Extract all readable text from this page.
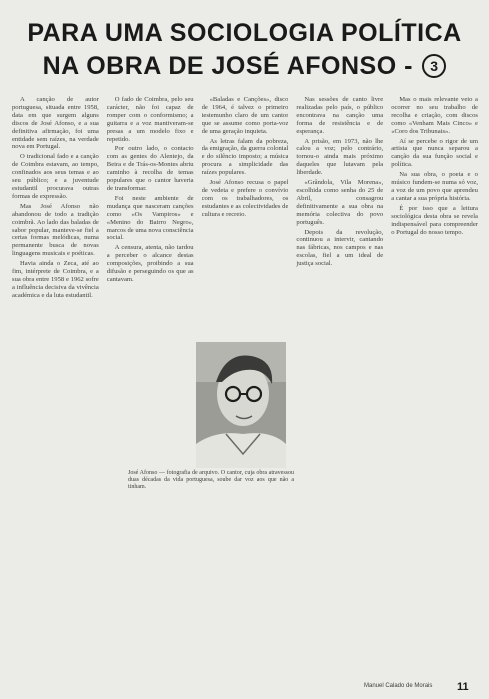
PARA UMA SOCIOLOGIA POLÍTICA
NA OBRA DE JOSÉ AFONSO - 3

A canção de autor portuguesa, situada entre 1958, data em que surgem alguns discos de José Afonso, e a sua definitiva afirmação, foi uma entidade sem raízes, na verdade nova em Portugal.

O tradicional fado e a canção de Coimbra estavam, ao tempo, confinados aos seus temas e ao seu público; e a juventude estudantil procurava outras formas de expressão.

Mas José Afonso não abandonou de todo a tradição coimbrã. Ao lado das baladas de sabor popular, manteve-se fiel a certas formas melódicas, numa permanente busca de novas linguagens musicais e poéticas.

Havia ainda o Zeca, até ao fim, intérprete de Coimbra, e a sua obra entre 1958 e 1962 sofre a influência decisiva da vivência académica e da luta estudantil.

O fado de Coimbra, pelo seu carácter, não foi capaz de romper com o conformismo; a guitarra e a voz mantiveram-se presas a um modelo fixo e repetido.

Por outro lado, o contacto com as gentes do Alentejo, da Beira e de Trás-os-Montes abriu caminho à recolha de temas populares que o cantor haveria de transformar.

Foi neste ambiente de mudança que nasceram canções como «Os Vampiros» e «Menino do Bairro Negro», marcos de uma nova consciência social.

A censura, atenta, não tardou a perceber o alcance destas composições, proibindo a sua difusão e perseguindo os que as cantavam.

«Baladas e Canções», disco de 1964, é talvez o primeiro testemunho claro de um cantor que se assume como porta-voz de uma geração inquieta.

As letras falam da pobreza, da emigração, da guerra colonial e do silêncio imposto; a música procura a simplicidade das raízes populares.

José Afonso recusa o papel de vedeta e prefere o convívio com os trabalhadores, os estudantes e as colectividades de cultura e recreio.

Nas sessões de canto livre realizadas pelo país, o público encontrava na canção uma forma de resistência e de esperança.

A prisão, em 1973, não lhe calou a voz; pelo contrário, tornou-o ainda mais próximo daqueles que lutavam pela liberdade.

«Grândola, Vila Morena», escolhida como senha do 25 de Abril, consagrou definitivamente a sua obra na memória colectiva do povo português.

Depois da revolução, continuou a intervir, cantando nas fábricas, nos campos e nas escolas, fiel a um ideal de justiça social.

Mas o mais relevante veio a ocorrer no seu trabalho de recolha e criação, com discos como «Venham Mais Cinco» e «Coro dos Tribunais».

Aí se percebe o rigor de um artista que nunca separou a canção da sua função social e política.

Na sua obra, o poeta e o músico fundem-se numa só voz, a voz de um povo que aprendeu a cantar a sua própria história.

É por isso que a leitura sociológica desta obra se revela indispensável para compreender o Portugal do nosso tempo.

José Afonso — fotografia de arquivo. O cantor, cuja obra atravessou duas décadas da vida portuguesa, soube dar voz aos que não a tinham.
Manuel Calado de Morais 11
